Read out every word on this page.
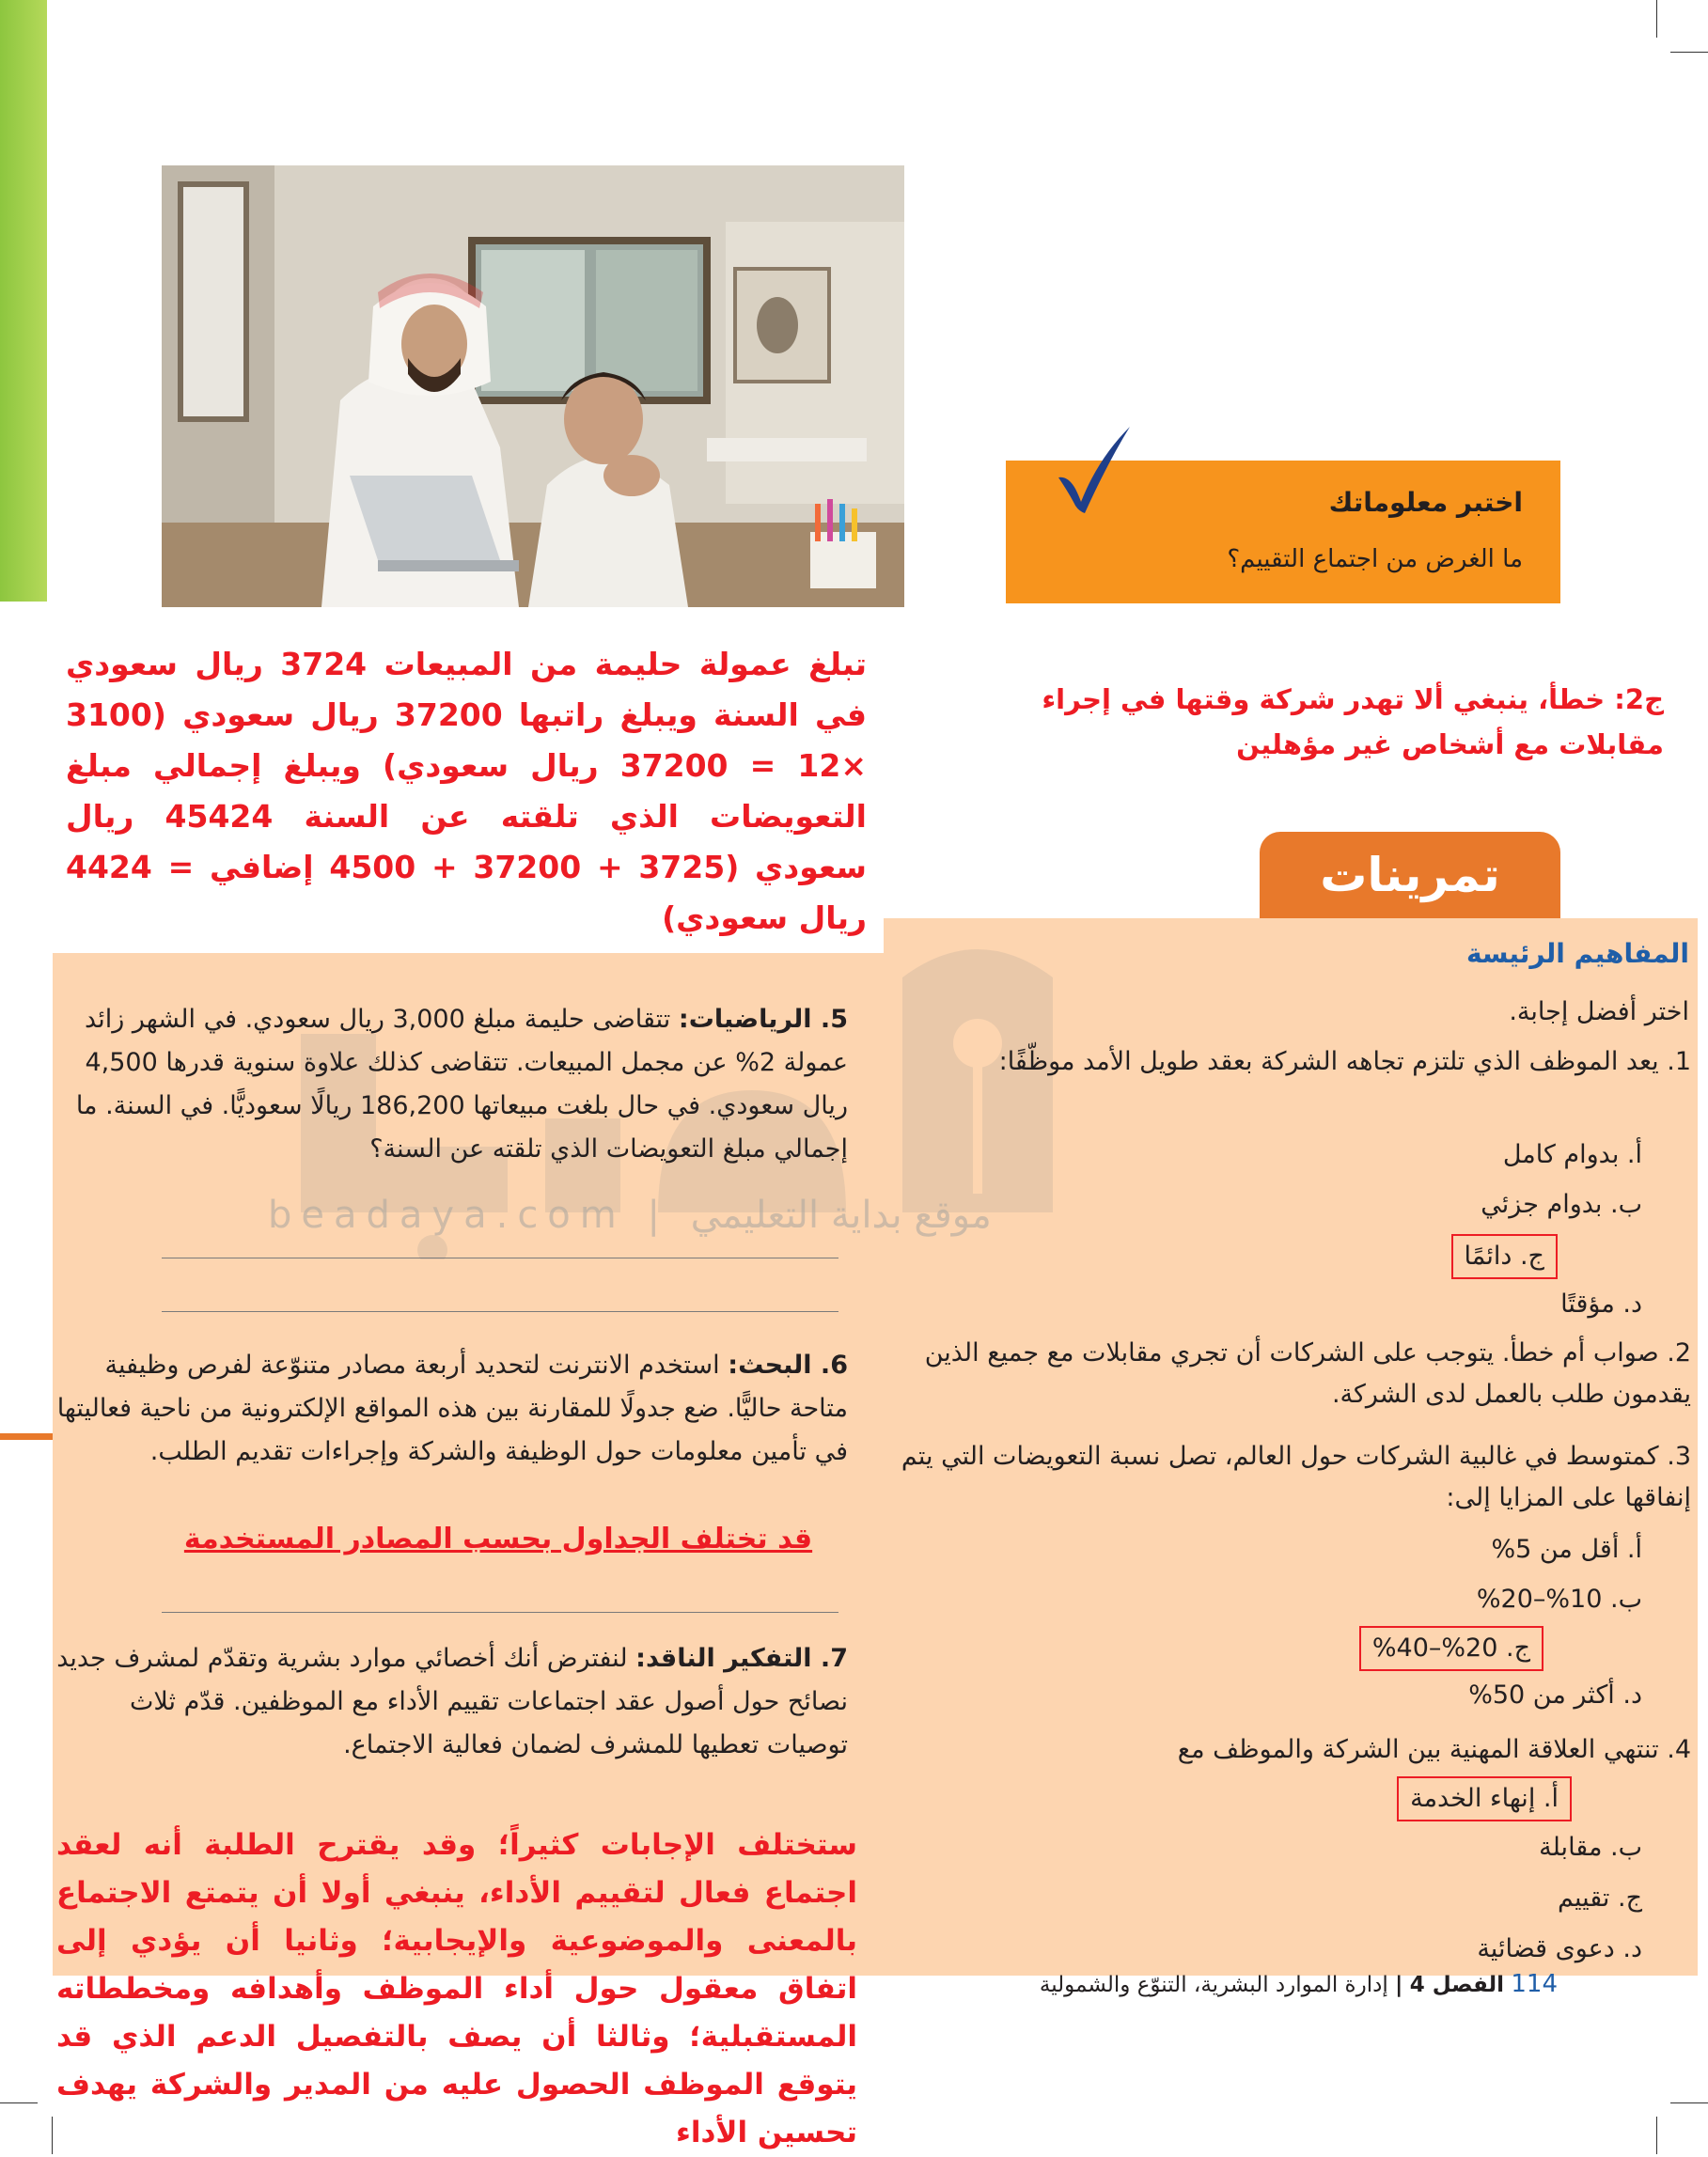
اختبر معلوماتك
ما الغرض من اجتماع التقييم؟
beadaya.com | موقع بداية التعليمي
تمرينات
تبلغ عمولة حليمة من المبيعات 3724 ريال سعودي في السنة ويبلغ راتبها 37200 ريال سعودي (3100 ×12 = 37200 ريال سعودي) ويبلغ إجمالي مبلغ التعويضات الذي تلقته عن السنة 45424 ريال سعودي (3725 + 37200 + 4500 إضافي = 4424 ريال سعودي)
ج2: خطأ، ينبغي ألا تهدر شركة وقتها في إجراء مقابلات مع أشخاص غير مؤهلين
المفاهيم الرئيسة
اختر أفضل إجابة.
1. يعد الموظف الذي تلتزم تجاهه الشركة بعقد طويل الأمد موظّفًا:
أ. بدوام كامل
ب. بدوام جزئي
ج. دائمًا
د. مؤقتًا
2. صواب أم خطأ. يتوجب على الشركات أن تجري مقابلات مع جميع الذين يقدمون طلب بالعمل لدى الشركة.
3. كمتوسط في غالبية الشركات حول العالم، تصل نسبة التعويضات التي يتم إنفاقها على المزايا إلى:
أ. أقل من 5%
ب. 10%–20%
ج. 20%–40%
د. أكثر من 50%
4. تنتهي العلاقة المهنية بين الشركة والموظف مع
أ. إنهاء الخدمة
ب. مقابلة
ج. تقييم
د. دعوى قضائية
5. الرياضيات: تتقاضى حليمة مبلغ 3,000 ريال سعودي. في الشهر زائد عمولة 2% عن مجمل المبيعات. تتقاضى كذلك علاوة سنوية قدرها 4,500 ريال سعودي. في حال بلغت مبيعاتها 186,200 ريالًا سعوديًّا. في السنة. ما إجمالي مبلغ التعويضات الذي تلقته عن السنة؟
6. البحث: استخدم الانترنت لتحديد أربعة مصادر متنوّعة لفرص وظيفية متاحة حاليًّا. ضع جدولًا للمقارنة بين هذه المواقع الإلكترونية من ناحية فعاليتها في تأمين معلومات حول الوظيفة والشركة وإجراءات تقديم الطلب.
قد تختلف الجداول بحسب المصادر المستخدمة
7. التفكير الناقد: لنفترض أنك أخصائي موارد بشرية وتقدّم لمشرف جديد نصائح حول أصول عقد اجتماعات تقييم الأداء مع الموظفين. قدّم ثلاث توصيات تعطيها للمشرف لضمان فعالية الاجتماع.
ستختلف الإجابات كثيراً؛ وقد يقترح الطلبة أنه لعقد اجتماع فعال لتقييم الأداء، ينبغي أولا أن يتمتع الاجتماع بالمعنى والموضوعية والإيجابية؛ وثانيا أن يؤدي إلى اتفاق معقول حول أداء الموظف وأهدافه ومخططاته المستقبلية؛ وثالثا أن يصف بالتفصيل الدعم الذي قد يتوقع الموظف الحصول عليه من المدير والشركة يهدف تحسين الأداء
114 الفصل 4 | إدارة الموارد البشرية، التنوّع والشمولية
